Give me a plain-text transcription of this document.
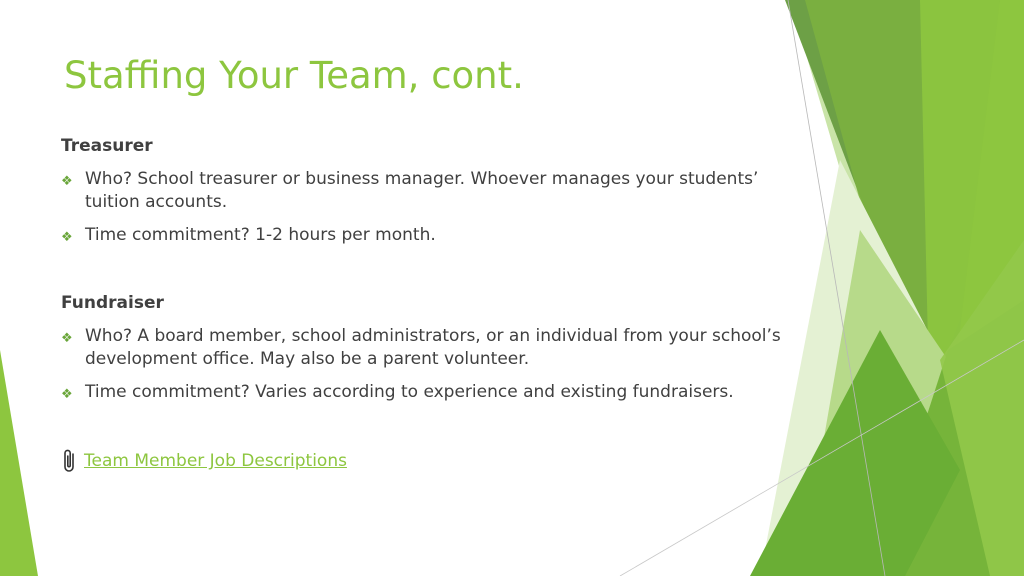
Staffing Your Team, cont.
Treasurer
❖ Who? School treasurer or business manager. Whoever manages your students’ tuition accounts.
❖ Time commitment? 1-2 hours per month.
Fundraiser
❖ Who? A board member, school administrators, or an individual from your school’s development office. May also be a parent volunteer.
❖ Time commitment? Varies according to experience and existing fundraisers.
Team Member Job Descriptions
